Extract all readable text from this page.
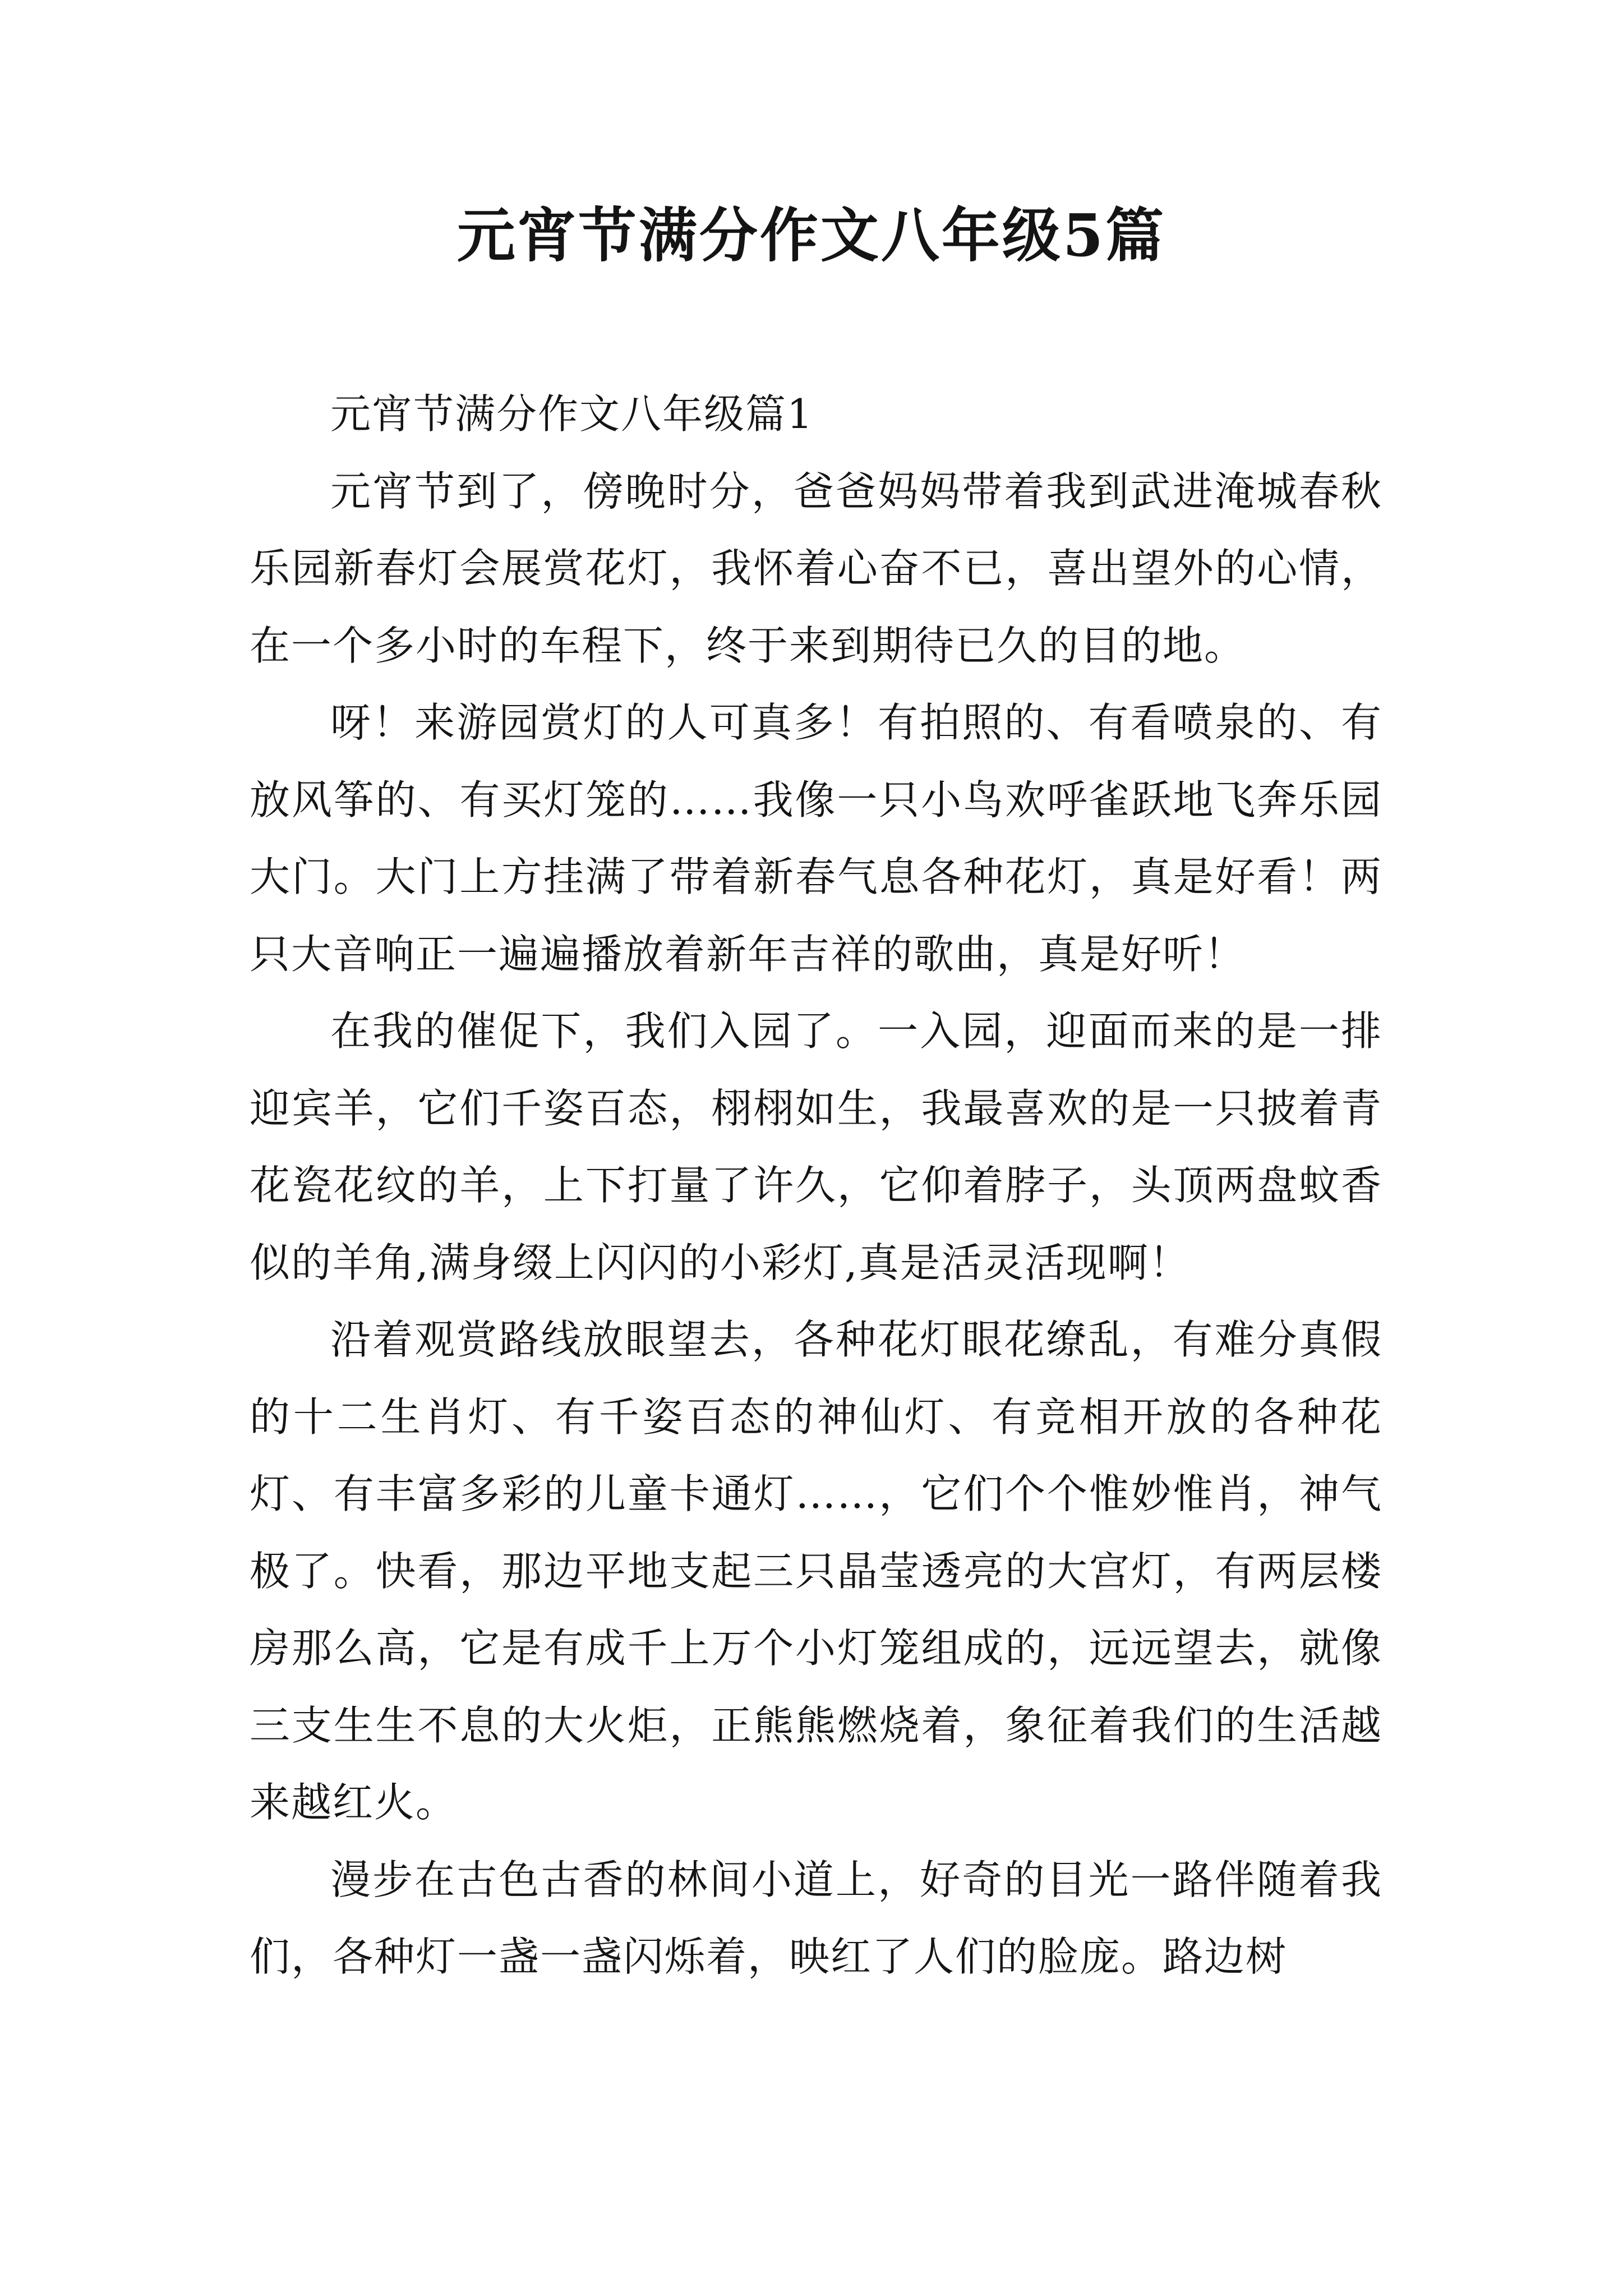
元宵节满分作文八年级5篇

元宵节满分作文八年级篇1

元宵节到了，傍晚时分，爸爸妈妈带着我到武进淹城春秋乐园新春灯会展赏花灯，我怀着心奋不已，喜出望外的心情，在一个多小时的车程下，终于来到期待已久的目的地。

呀！来游园赏灯的人可真多！有拍照的、有看喷泉的、有放风筝的、有买灯笼的……我像一只小鸟欢呼雀跃地飞奔乐园大门。大门上方挂满了带着新春气息各种花灯，真是好看！两只大音响正一遍遍播放着新年吉祥的歌曲，真是好听！

在我的催促下，我们入园了。一入园，迎面而来的是一排迎宾羊，它们千姿百态，栩栩如生，我最喜欢的是一只披着青花瓷花纹的羊，上下打量了许久，它仰着脖子，头顶两盘蚊香似的羊角,满身缀上闪闪的小彩灯,真是活灵活现啊！

沿着观赏路线放眼望去，各种花灯眼花缭乱，有难分真假的十二生肖灯、有千姿百态的神仙灯、有竞相开放的各种花灯、有丰富多彩的儿童卡通灯……，它们个个惟妙惟肖，神气极了。快看，那边平地支起三只晶莹透亮的大宫灯，有两层楼房那么高，它是有成千上万个小灯笼组成的，远远望去，就像三支生生不息的大火炬，正熊熊燃烧着，象征着我们的生活越来越红火。

漫步在古色古香的林间小道上，好奇的目光一路伴随着我们，各种灯一盏一盏闪烁着，映红了人们的脸庞。路边树
